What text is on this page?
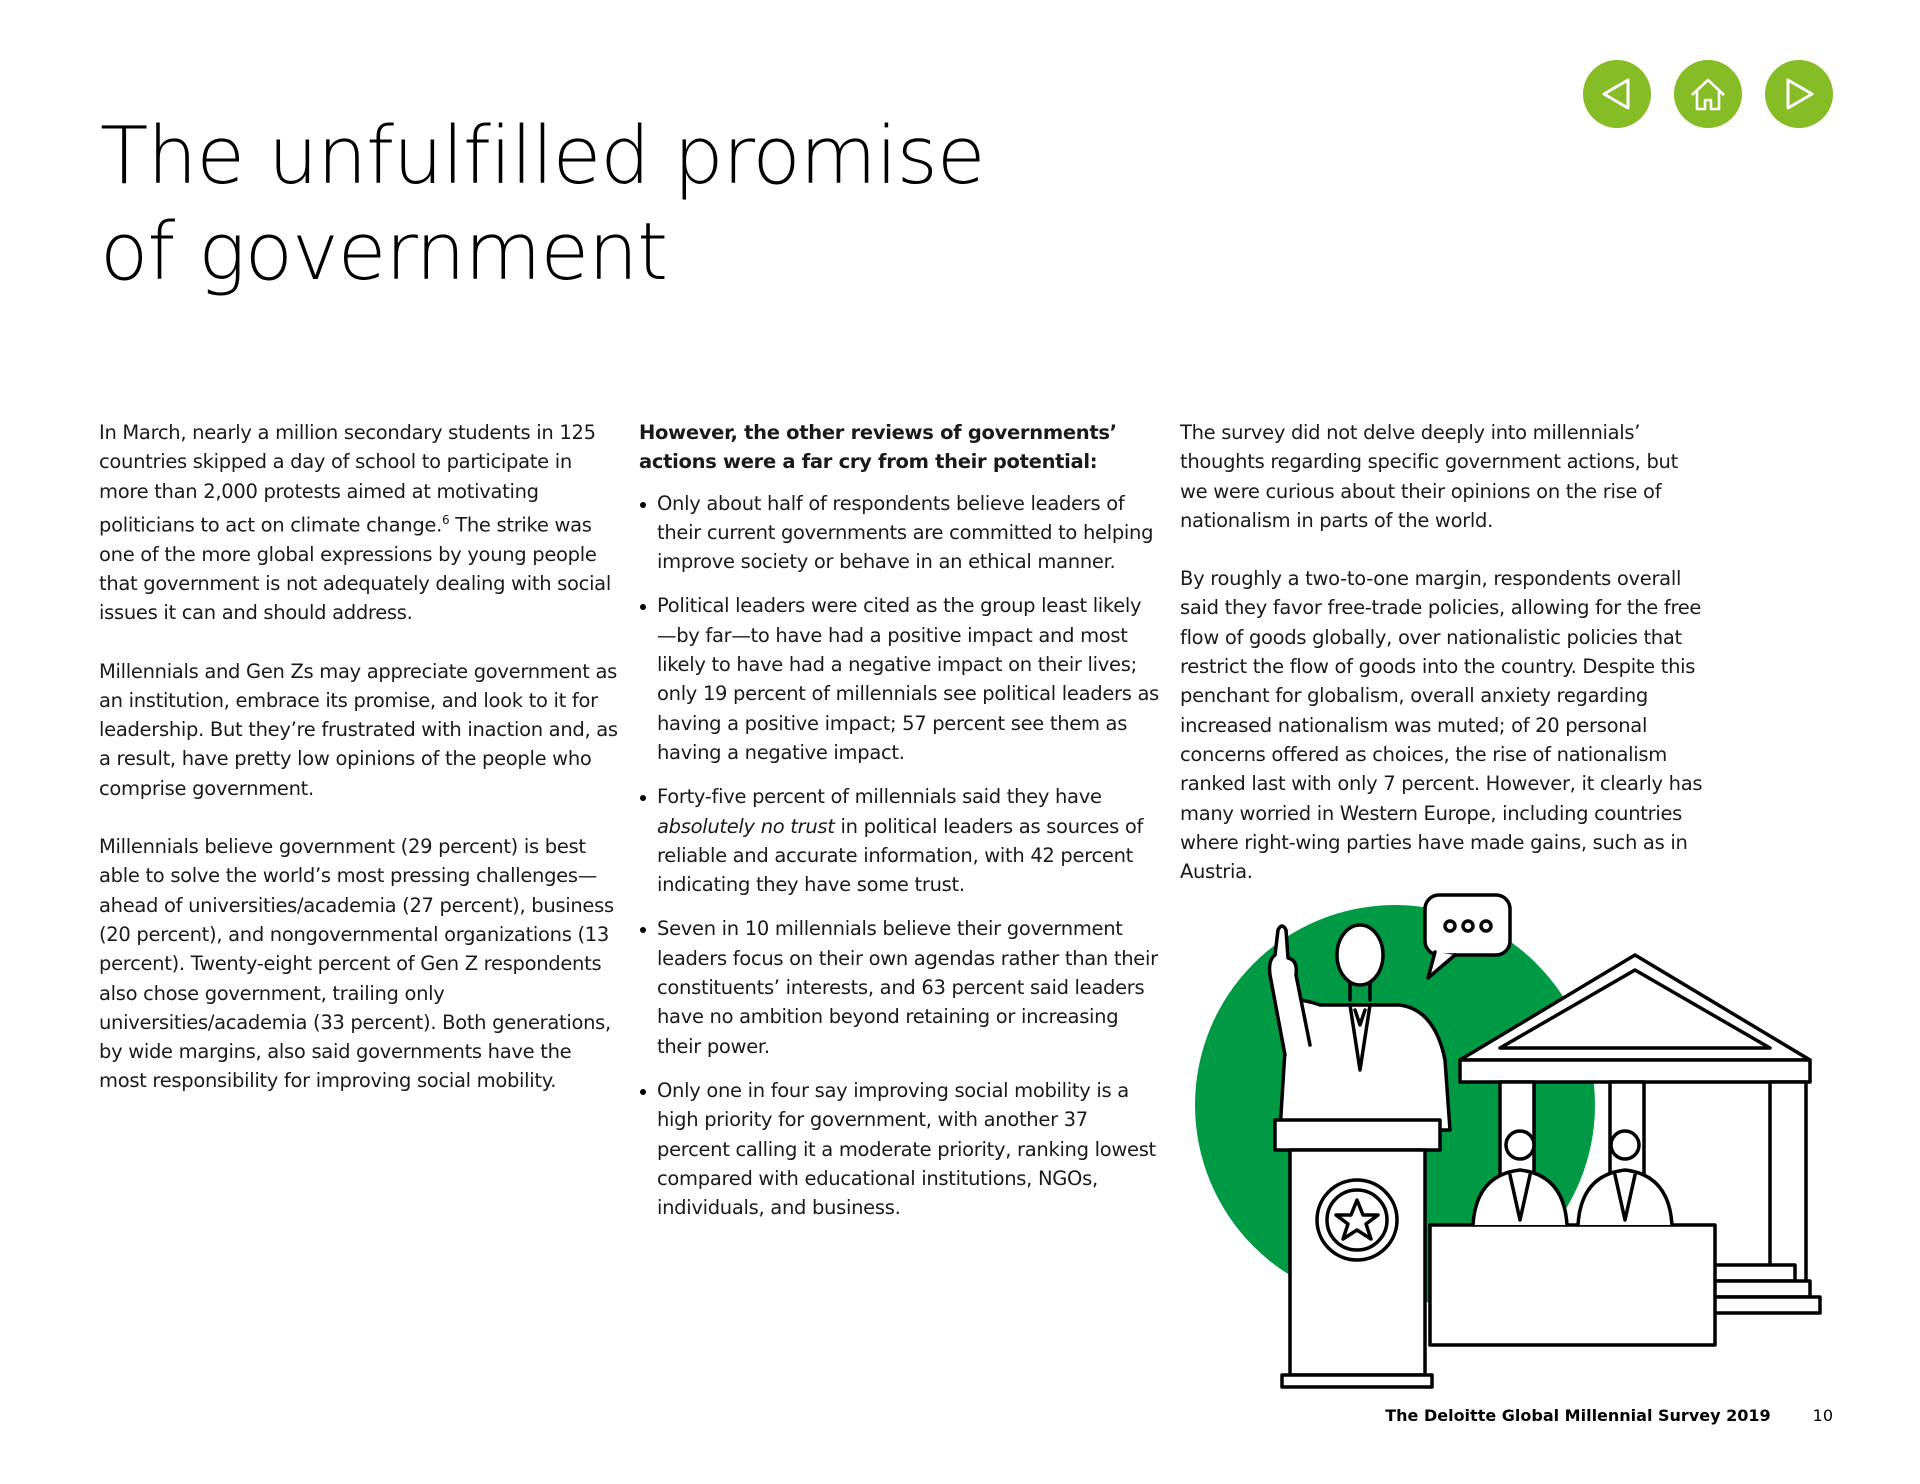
The unfulfilled promise
of government

In March, nearly a million secondary students in 125 countries skipped a day of school to participate in more than 2,000 protests aimed at motivating politicians to act on climate change.$^6$ The strike was one of the more global expressions by young people that government is not adequately dealing with social issues it can and should address.

Millennials and Gen Zs may appreciate government as an institution, embrace its promise, and look to it for leadership. But they’re frustrated with inaction and, as a result, have pretty low opinions of the people who comprise government.

Millennials believe government (29 percent) is best able to solve the world’s most pressing challenges—ahead of universities/academia (27 percent), business (20 percent), and nongovernmental organizations (13 percent). Twenty-eight percent of Gen Z respondents also chose government, trailing only universities/academia (33 percent). Both generations, by wide margins, also said governments have the most responsibility for improving social mobility.

However, the other reviews of governments’ actions were a far cry from their potential:

Only about half of respondents believe leaders of their current governments are committed to helping improve society or behave in an ethical manner.
Political leaders were cited as the group least likely—by far—to have had a positive impact and most likely to have had a negative impact on their lives; only 19 percent of millennials see political leaders as having a positive impact; 57 percent see them as having a negative impact.
Forty-five percent of millennials said they have absolutely no trust in political leaders as sources of reliable and accurate information, with 42 percent indicating they have some trust.
Seven in 10 millennials believe their government leaders focus on their own agendas rather than their constituents’ interests, and 63 percent said leaders have no ambition beyond retaining or increasing their power.
Only one in four say improving social mobility is a high priority for government, with another 37 percent calling it a moderate priority, ranking lowest compared with educational institutions, NGOs, individuals, and business.

The survey did not delve deeply into millennials’ thoughts regarding specific government actions, but we were curious about their opinions on the rise of nationalism in parts of the world.

By roughly a two-to-one margin, respondents overall said they favor free-trade policies, allowing for the free flow of goods globally, over nationalistic policies that restrict the flow of goods into the country. Despite this penchant for globalism, overall anxiety regarding increased nationalism was muted; of 20 personal concerns offered as choices, the rise of nationalism ranked last with only 7 percent. However, it clearly has many worried in Western Europe, including countries where right-wing parties have made gains, such as in Austria.

The Deloitte Global Millennial Survey 2019	10
